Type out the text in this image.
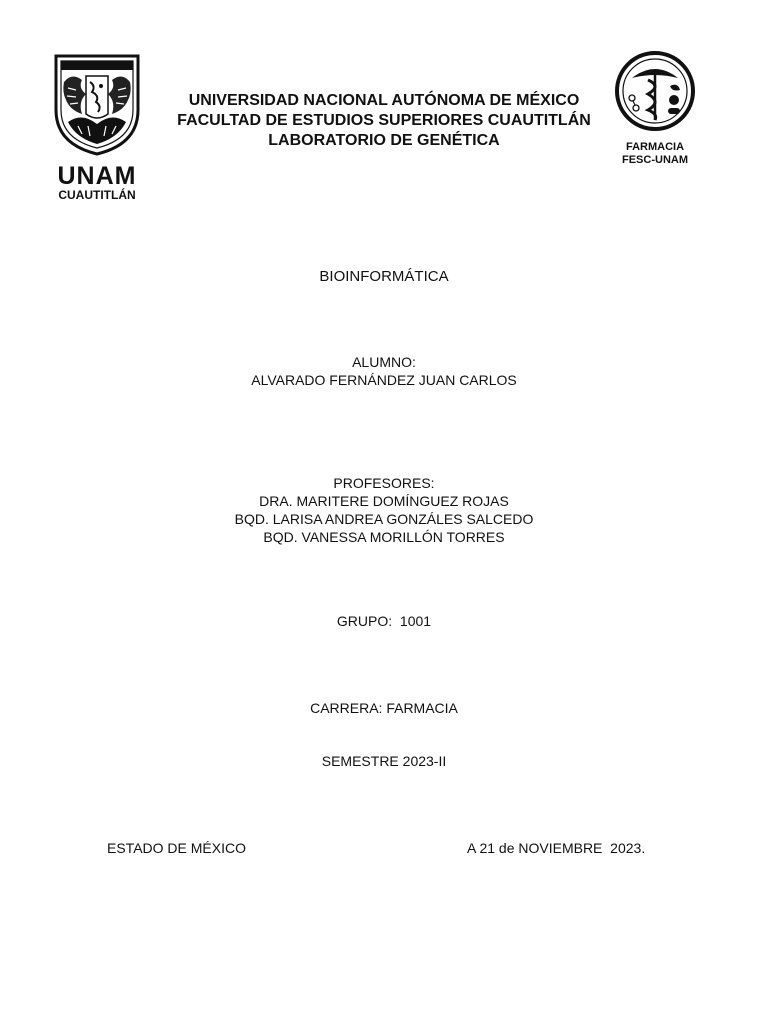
UNAM
CUAUTITLÁN
UNIVERSIDAD NACIONAL AUTÓNOMA DE MÉXICO
FACULTAD DE ESTUDIOS SUPERIORES CUAUTITLÁN
LABORATORIO DE GENÉTICA	FARMACIA
FESC-UNAM
BIOINFORMÁTICA
ALUMNO:
ALVARADO FERNÁNDEZ JUAN CARLOS
PROFESORES:
DRA. MARITERE DOMÍNGUEZ ROJAS
BQD. LARISA ANDREA GONZÁLES SALCEDO
BQD. VANESSA MORILLÓN TORRES
GRUPO:  1001
CARRERA: FARMACIA
SEMESTRE 2023-II
ESTADO DE MÉXICO	A 21 de NOVIEMBRE  2023.
